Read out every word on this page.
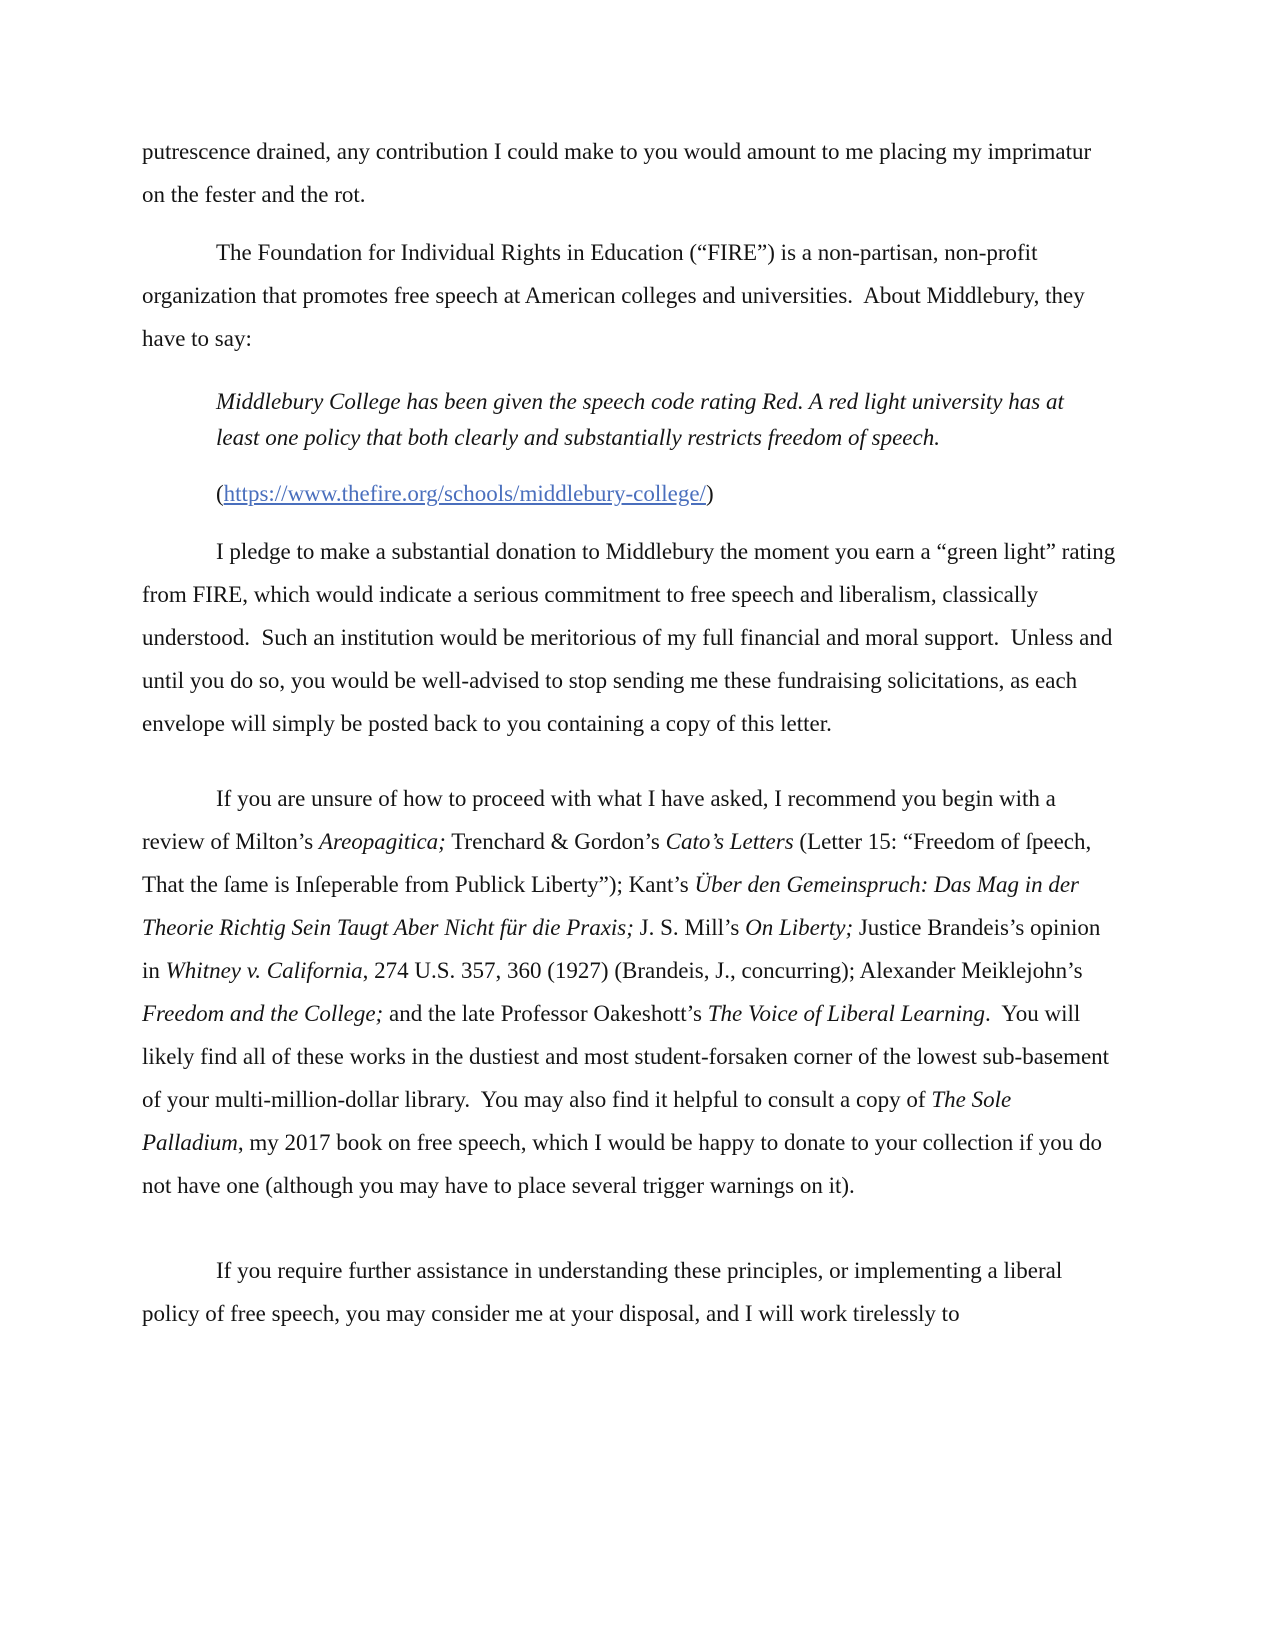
putrescence drained, any contribution I could make to you would amount to me placing my imprimatur on the fester and the rot.

The Foundation for Individual Rights in Education (“FIRE”) is a non-partisan, non-profit organization that promotes free speech at American colleges and universities.  About Middlebury, they have to say:

Middlebury College has been given the speech code rating Red. A red light university has at least one policy that both clearly and substantially restricts freedom of speech.

(https://www.thefire.org/schools/middlebury-college/)

I pledge to make a substantial donation to Middlebury the moment you earn a “green light” rating from FIRE, which would indicate a serious commitment to free speech and liberalism, classically understood.  Such an institution would be meritorious of my full financial and moral support.  Unless and until you do so, you would be well-advised to stop sending me these fundraising solicitations, as each envelope will simply be posted back to you containing a copy of this letter.

If you are unsure of how to proceed with what I have asked, I recommend you begin with a review of Milton’s Areopagitica; Trenchard & Gordon’s Cato’s Letters (Letter 15: “Freedom of ſpeech, That the ſame is Inſeperable from Publick Liberty”); Kant’s Über den Gemeinspruch: Das Mag in der Theorie Richtig Sein Taugt Aber Nicht für die Praxis; J. S. Mill’s On Liberty; Justice Brandeis’s opinion in Whitney v. California, 274 U.S. 357, 360 (1927) (Brandeis, J., concurring); Alexander Meiklejohn’s Freedom and the College; and the late Professor Oakeshott’s The Voice of Liberal Learning.  You will likely find all of these works in the dustiest and most student-forsaken corner of the lowest sub-basement of your multi-million-dollar library.  You may also find it helpful to consult a copy of The Sole Palladium, my 2017 book on free speech, which I would be happy to donate to your collection if you do not have one (although you may have to place several trigger warnings on it).

If you require further assistance in understanding these principles, or implementing a liberal policy of free speech, you may consider me at your disposal, and I will work tirelessly to
